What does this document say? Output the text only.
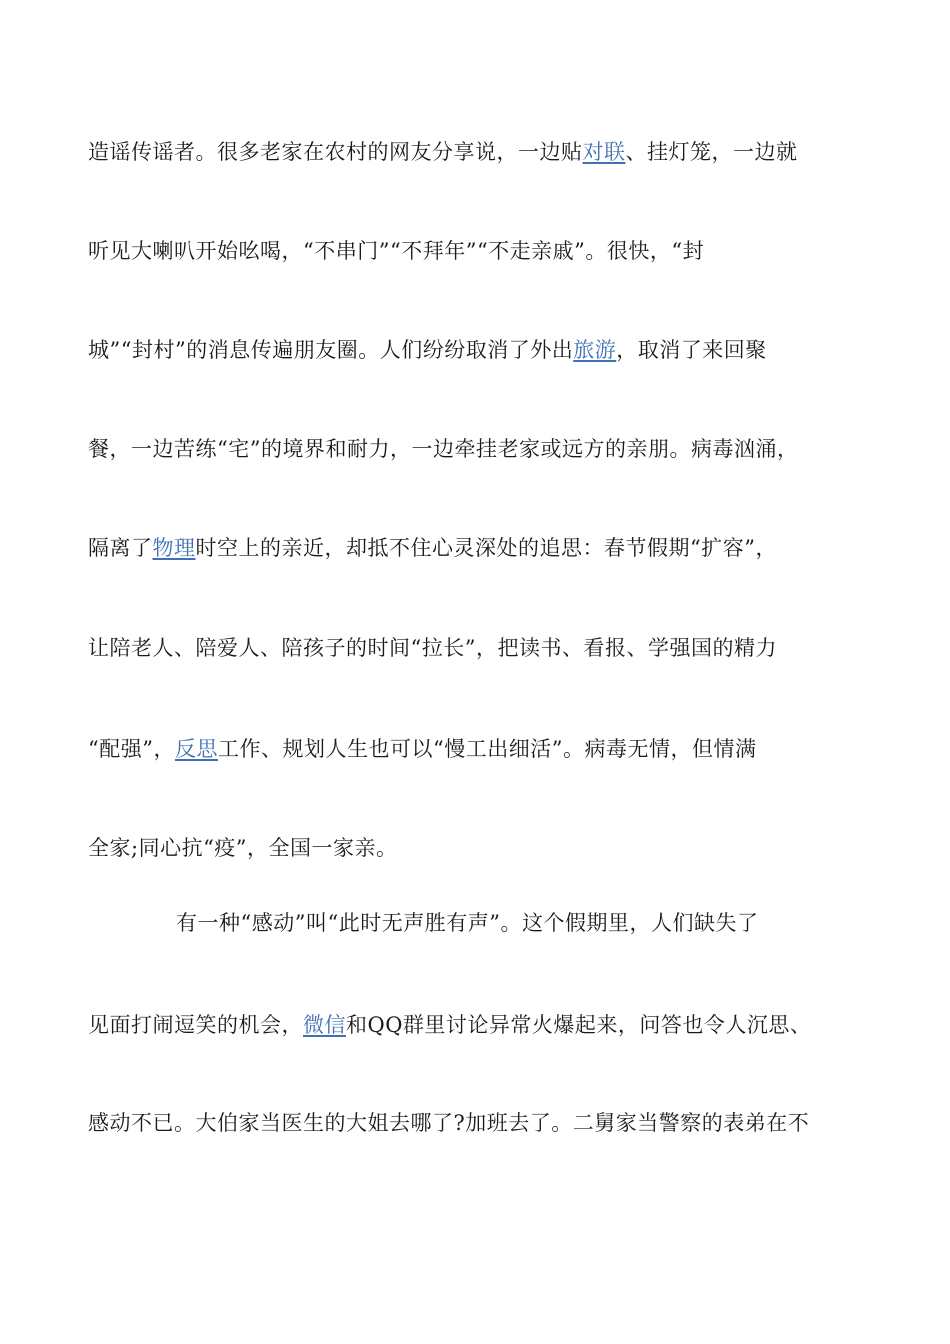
造谣传谣者。很多老家在农村的网友分享说，一边贴对联、挂灯笼，一边就
听见大喇叭开始吆喝，“不串门”“不拜年”“不走亲戚”。很快，“封
城”“封村”的消息传遍朋友圈。人们纷纷取消了外出旅游，取消了来回聚
餐，一边苦练“宅”的境界和耐力，一边牵挂老家或远方的亲朋。病毒汹涌，
隔离了物理时空上的亲近，却抵不住心灵深处的追思：春节假期“扩容”，
让陪老人、陪爱人、陪孩子的时间“拉长”，把读书、看报、学强国的精力
“配强”，反思工作、规划人生也可以“慢工出细活”。病毒无情，但情满
全家;同心抗“疫”，全国一家亲。
有一种“感动”叫“此时无声胜有声”。这个假期里，人们缺失了
见面打闹逗笑的机会，微信和QQ群里讨论异常火爆起来，问答也令人沉思、
感动不已。大伯家当医生的大姐去哪了?加班去了。二舅家当警察的表弟在不
